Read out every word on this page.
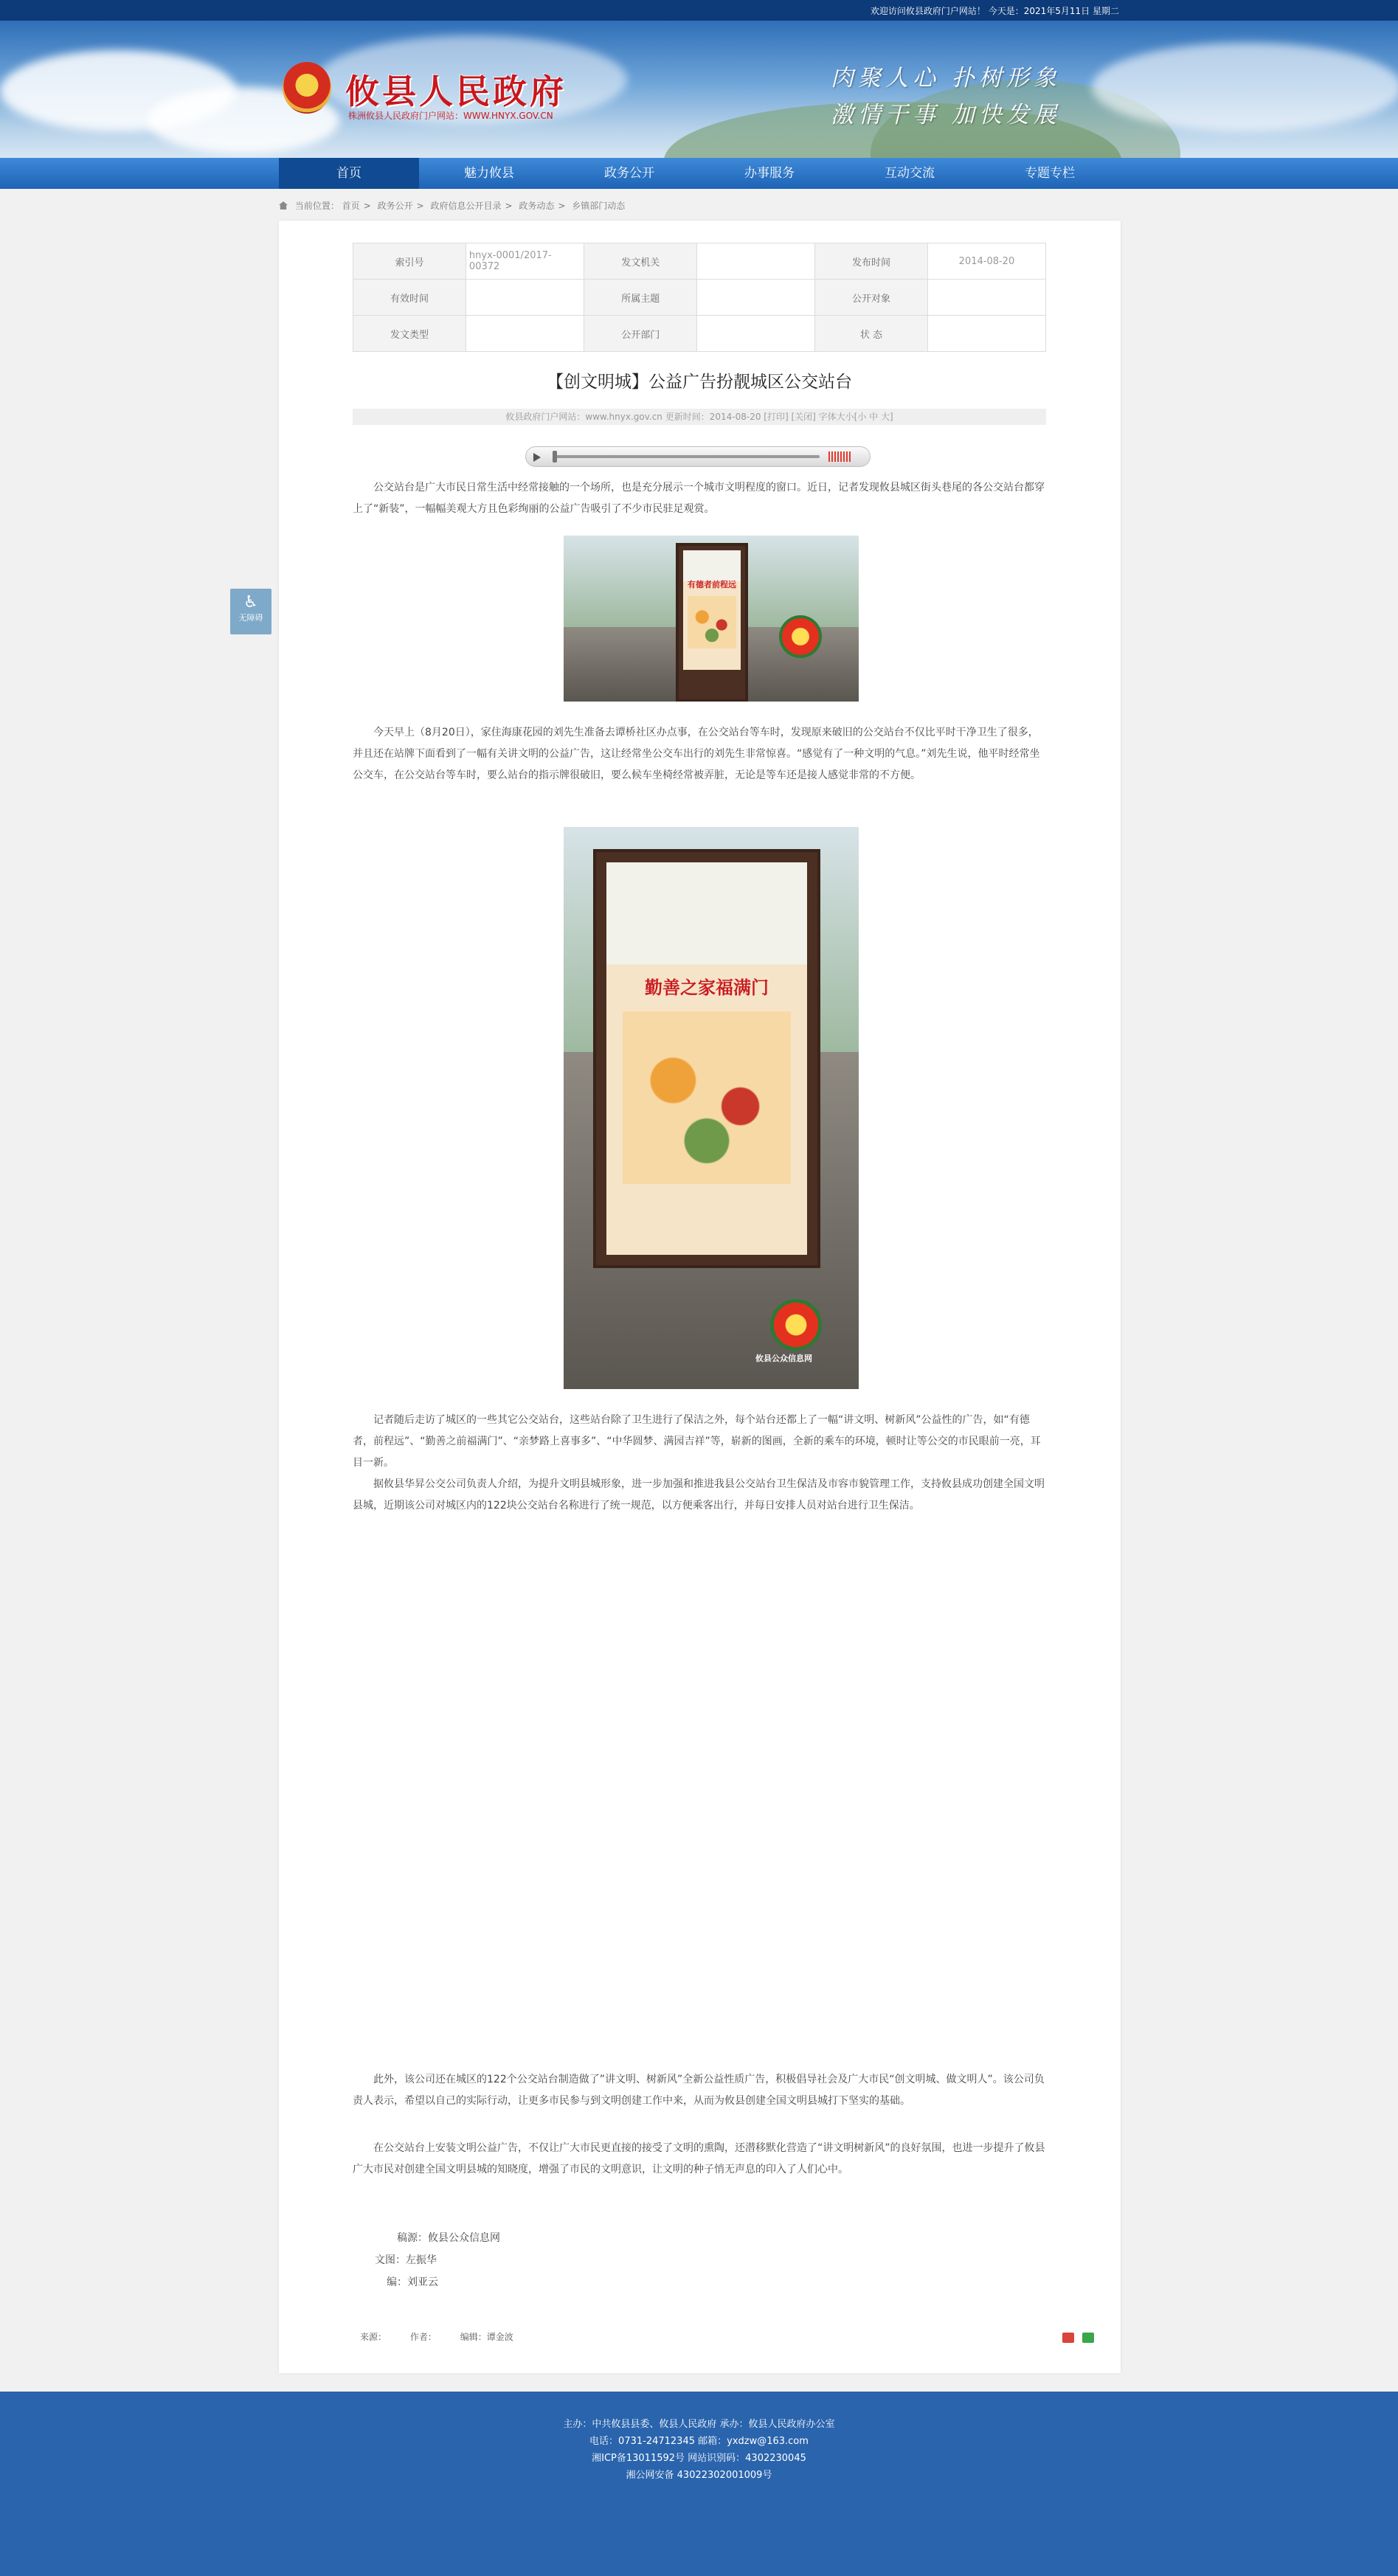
欢迎访问攸县政府门户网站！ 今天是：2021年5月11日 星期二
攸县人民政府
株洲攸县人民政府门户网站：WWW.HNYX.GOV.CN
肉聚人心 扑树形象
激情干事 加快发展
首页	魅力攸县	政务公开	办事服务	互动交流	专题专栏
当前位置： 首页 > 政务公开 > 政府信息公开目录 > 政务动态 > 乡镇部门动态
♿
无障碍
索引号	hnyx-0001/2017-00372	发文机关		发布时间	2014-08-20
有效时间		所属主题		公开对象	
发文类型		公开部门		状 态	
【创文明城】公益广告扮靓城区公交站台
攸县政府门户网站：www.hnyx.gov.cn 更新时间：2014-08-20 [打印] [关闭] 字体大小[小 中 大]

公交站台是广大市民日常生活中经常接触的一个场所，也是充分展示一个城市文明程度的窗口。近日，记者发现攸县城区街头巷尾的各公交站台都穿上了“新装”，一幅幅美观大方且色彩绚丽的公益广告吸引了不少市民驻足观赏。

有德者前程远

今天早上（8月20日），家住海康花园的刘先生准备去谭桥社区办点事，在公交站台等车时，发现原来破旧的公交站台不仅比平时干净卫生了很多，并且还在站牌下面看到了一幅有关讲文明的公益广告，这让经常坐公交车出行的刘先生非常惊喜。“感觉有了一种文明的气息。”刘先生说，他平时经常坐公交车，在公交站台等车时，要么站台的指示牌很破旧，要么候车坐椅经常被弄脏，无论是等车还是接人感觉非常的不方便。

勤善之家福满门
攸县公众信息网

记者随后走访了城区的一些其它公交站台，这些站台除了卫生进行了保洁之外，每个站台还都上了一幅“讲文明、树新风”公益性的广告，如“有德者，前程远”、“勤善之前福满门”、“亲梦路上喜事多”、“中华圆梦、满园吉祥”等，崭新的图画，全新的乘车的环境，顿时让等公交的市民眼前一亮，耳目一新。

据攸县华昇公交公司负责人介绍，为提升文明县城形象，进一步加强和推进我县公交站台卫生保洁及市容市貌管理工作，支持攸县成功创建全国文明县城，近期该公司对城区内的122块公交站台名称进行了统一规范，以方便乘客出行，并每日安排人员对站台进行卫生保洁。

此外，该公司还在城区的122个公交站台制造做了”讲文明、树新风”全新公益性质广告，积极倡导社会及广大市民“创文明城、做文明人”。该公司负责人表示，希望以自己的实际行动，让更多市民参与到文明创建工作中来，从而为攸县创建全国文明县城打下坚实的基础。

在公交站台上安装文明公益广告，不仅让广大市民更直接的接受了文明的熏陶，还潜移默化营造了“讲文明树新风”的良好氛围，也进一步提升了攸县广大市民对创建全国文明县城的知晓度，增强了市民的文明意识，让文明的种子悄无声息的印入了人们心中。

稿源：攸县公众信息网
文图：左振华
编：刘亚云
来源：	作者：	编辑：谭金波

主办：中共攸县县委、攸县人民政府 承办：攸县人民政府办公室
电话：0731-24712345 邮箱：yxdzw@163.com
湘ICP备13011592号 网站识别码：4302230045
湘公网安备 43022302001009号
